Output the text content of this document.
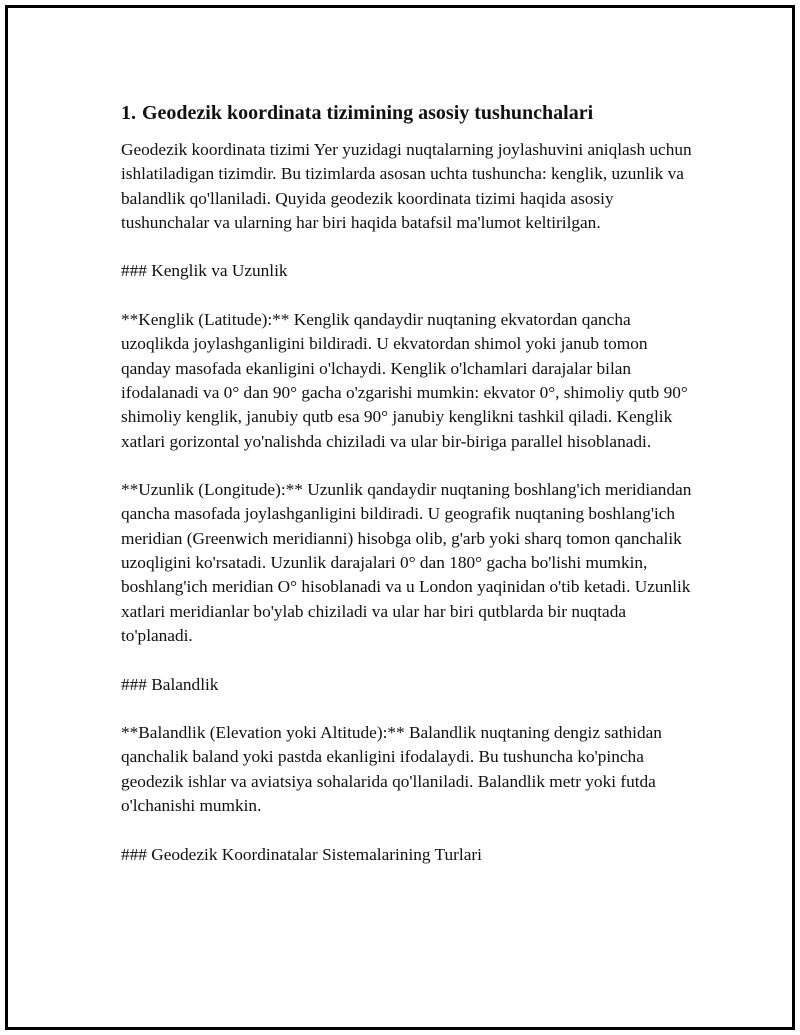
1. Geodezik koordinata tizimining asosiy tushunchalari

Geodezik koordinata tizimi Yer yuzidagi nuqtalarning joylashuvini aniqlash uchun ishlatiladigan tizimdir. Bu tizimlarda asosan uchta tushuncha: kenglik, uzunlik va balandlik qo'llaniladi. Quyida geodezik koordinata tizimi haqida asosiy tushunchalar va ularning har biri haqida batafsil ma'lumot keltirilgan.

### Kenglik va Uzunlik

**Kenglik (Latitude):** Kenglik qandaydir nuqtaning ekvatordan qancha uzoqlikda joylashganligini bildiradi. U ekvatordan shimol yoki janub tomon qanday masofada ekanligini o'lchaydi. Kenglik o'lchamlari darajalar bilan ifodalanadi va 0° dan 90° gacha o'zgarishi mumkin: ekvator 0°, shimoliy qutb 90° shimoliy kenglik, janubiy qutb esa 90° janubiy kenglikni tashkil qiladi. Kenglik xatlari gorizontal yo'nalishda chiziladi va ular bir-biriga parallel hisoblanadi.

**Uzunlik (Longitude):** Uzunlik qandaydir nuqtaning boshlang'ich meridiandan qancha masofada joylashganligini bildiradi. U geografik nuqtaning boshlang'ich meridian (Greenwich meridianni) hisobga olib, g'arb yoki sharq tomon qanchalik uzoqligini ko'rsatadi. Uzunlik darajalari 0° dan 180° gacha bo'lishi mumkin, boshlang'ich meridian O° hisoblanadi va u London yaqinidan o'tib ketadi. Uzunlik xatlari meridianlar bo'ylab chiziladi va ular har biri qutblarda bir nuqtada to'planadi.

### Balandlik

**Balandlik (Elevation yoki Altitude):** Balandlik nuqtaning dengiz sathidan qanchalik baland yoki pastda ekanligini ifodalaydi. Bu tushuncha ko'pincha geodezik ishlar va aviatsiya sohalarida qo'llaniladi. Balandlik metr yoki futda o'lchanishi mumkin.

### Geodezik Koordinatalar Sistemalarining Turlari
